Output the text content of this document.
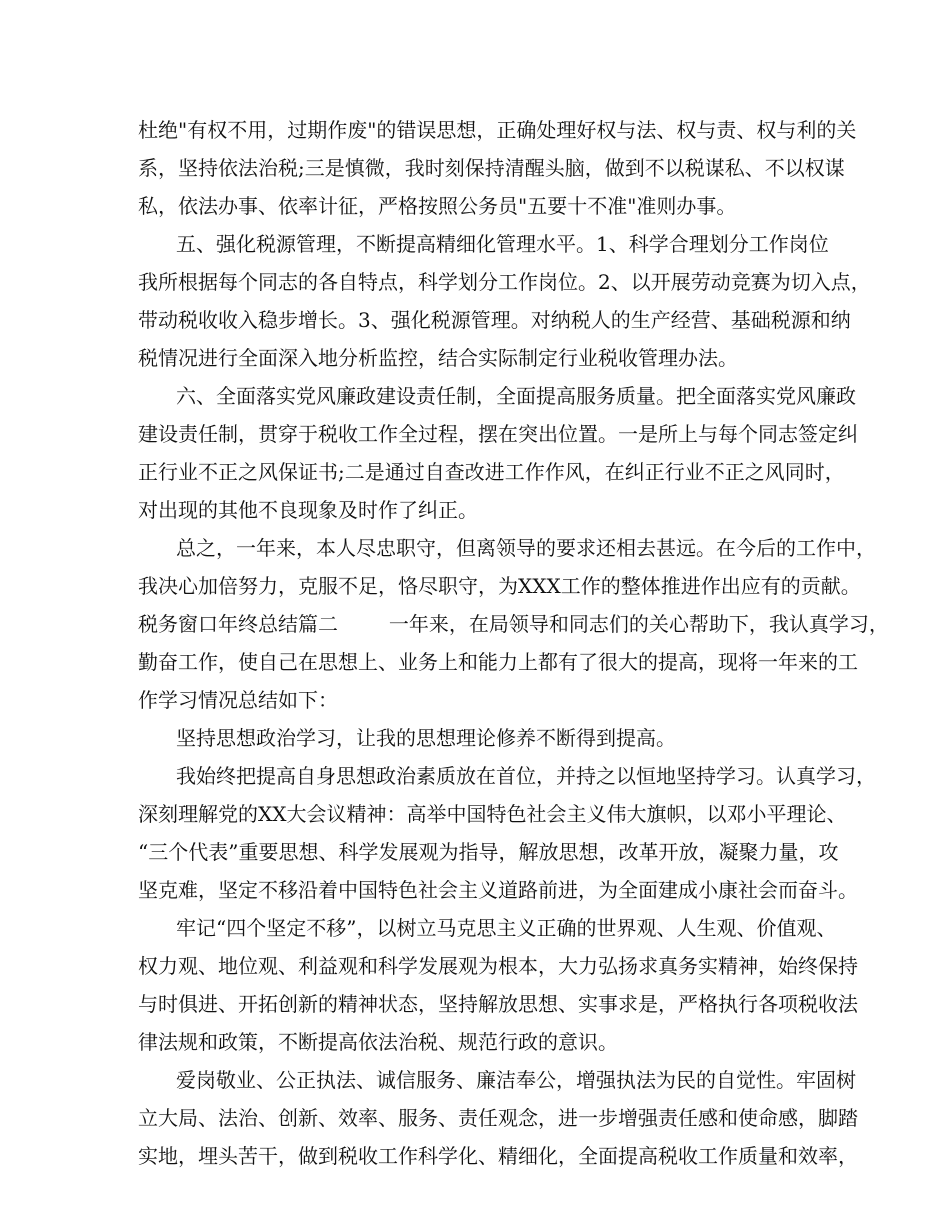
杜绝"有权不用，过期作废"的错误思想，正确处理好权与法、权与责、权与利的关
系，坚持依法治税;三是慎微，我时刻保持清醒头脑，做到不以税谋私、不以权谋
私，依法办事、依率计征，严格按照公务员"五要十不准"准则办事。
五、强化税源管理，不断提高精细化管理水平。1、科学合理划分工作岗位
我所根据每个同志的各自特点，科学划分工作岗位。2、以开展劳动竞赛为切入点，
带动税收收入稳步增长。3、强化税源管理。对纳税人的生产经营、基础税源和纳
税情况进行全面深入地分析监控，结合实际制定行业税收管理办法。
六、全面落实党风廉政建设责任制，全面提高服务质量。把全面落实党风廉政
建设责任制，贯穿于税收工作全过程，摆在突出位置。一是所上与每个同志签定纠
正行业不正之风保证书;二是通过自查改进工作作风，在纠正行业不正之风同时，
对出现的其他不良现象及时作了纠正。
总之，一年来，本人尽忠职守，但离领导的要求还相去甚远。在今后的工作中，
我决心加倍努力，克服不足，恪尽职守，为XXX工作的整体推进作出应有的贡献。
税务窗口年终总结篇二        一年来，在局领导和同志们的关心帮助下，我认真学习，
勤奋工作，使自己在思想上、业务上和能力上都有了很大的提高，现将一年来的工
作学习情况总结如下：
坚持思想政治学习，让我的思想理论修养不断得到提高。
我始终把提高自身思想政治素质放在首位，并持之以恒地坚持学习。认真学习，
深刻理解党的XX大会议精神：高举中国特色社会主义伟大旗帜，以邓小平理论、
“三个代表”重要思想、科学发展观为指导，解放思想，改革开放，凝聚力量，攻
坚克难，坚定不移沿着中国特色社会主义道路前进，为全面建成小康社会而奋斗。
牢记“四个坚定不移”，以树立马克思主义正确的世界观、人生观、价值观、
权力观、地位观、利益观和科学发展观为根本，大力弘扬求真务实精神，始终保持
与时俱进、开拓创新的精神状态，坚持解放思想、实事求是，严格执行各项税收法
律法规和政策，不断提高依法治税、规范行政的意识。
爱岗敬业、公正执法、诚信服务、廉洁奉公，增强执法为民的自觉性。牢固树
立大局、法治、创新、效率、服务、责任观念，进一步增强责任感和使命感，脚踏
实地，埋头苦干，做到税收工作科学化、精细化，全面提高税收工作质量和效率，
